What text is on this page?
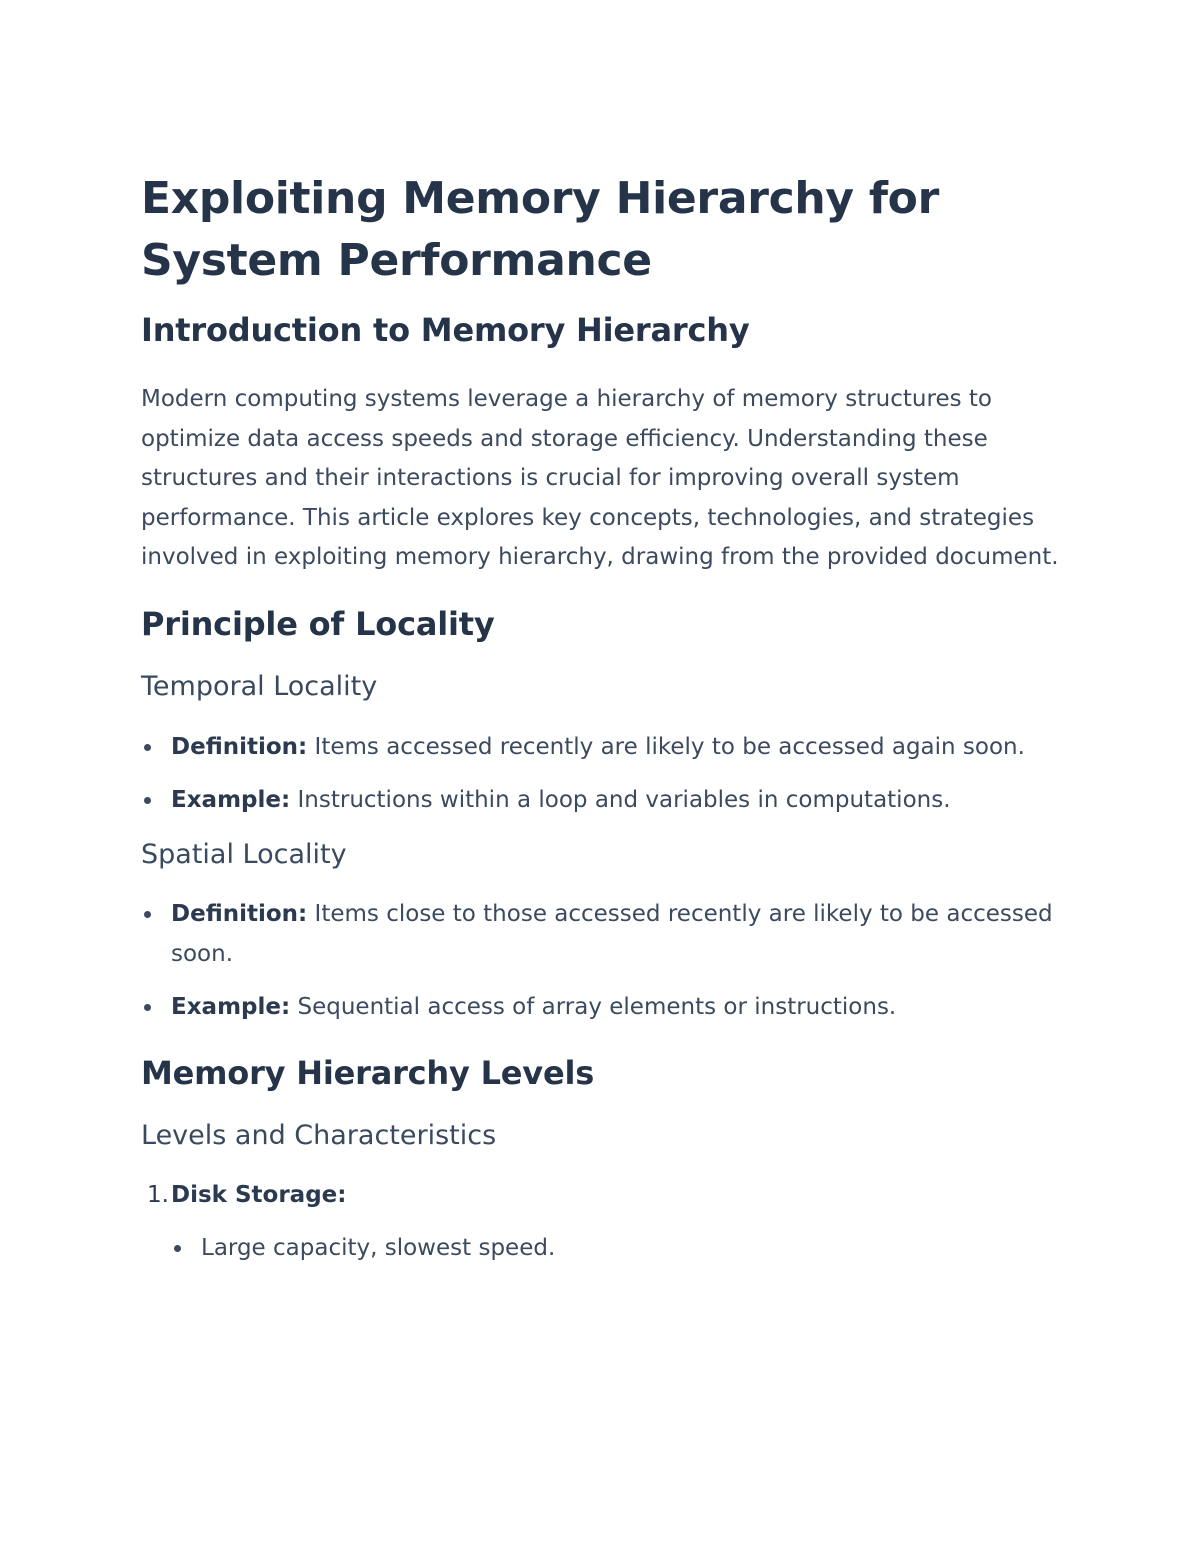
Exploiting Memory Hierarchy for System Performance
Introduction to Memory Hierarchy

Modern computing systems leverage a hierarchy of memory structures to optimize data access speeds and storage efficiency. Understanding these structures and their interactions is crucial for improving overall system performance. This article explores key concepts, technologies, and strategies involved in exploiting memory hierarchy, drawing from the provided document.

Principle of Locality
Temporal Locality
Definition: Items accessed recently are likely to be accessed again soon.
Example: Instructions within a loop and variables in computations.
Spatial Locality
Definition: Items close to those accessed recently are likely to be accessed soon.
Example: Sequential access of array elements or instructions.
Memory Hierarchy Levels
Levels and Characteristics
1. Disk Storage:
Large capacity, slowest speed.
